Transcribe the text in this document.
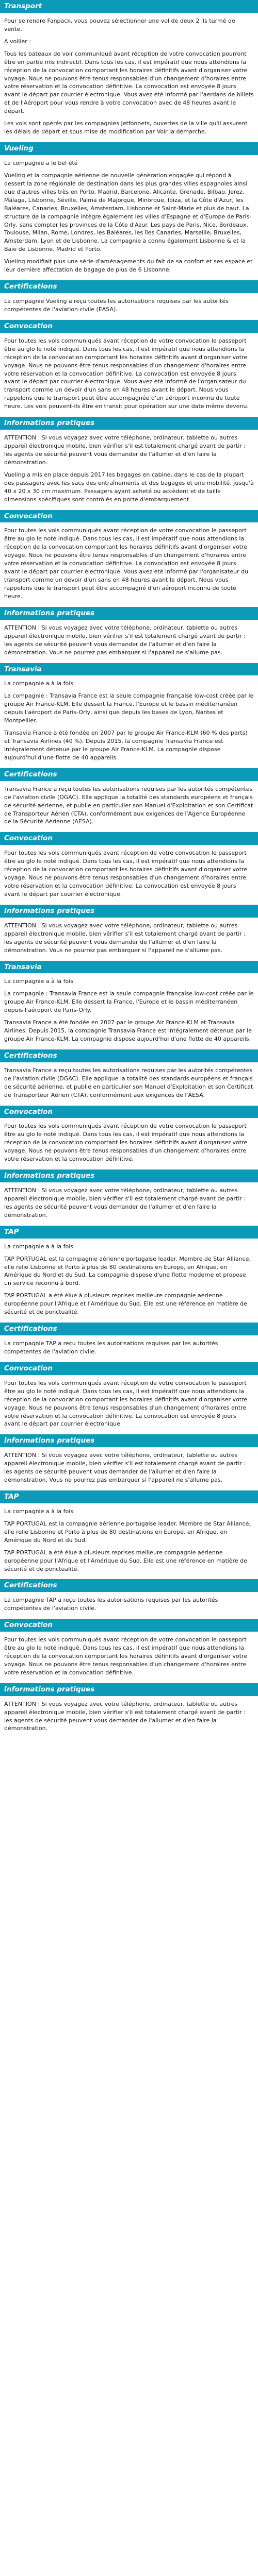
Transport

Pour se rendre Fanpack, vous pouvez sélectionner une vol de deux 2 ils turmé de vente.

A voilier :

Tous les bateaux de voir communiqué avant réception de votre convocation pourront être en partie mis indirectif. Dans tous les cas, il est impératif que nous attendions la réception de la convocation comportant les horaires définitifs avant d'organiser votre voyage. Nous ne pouvons être tenus responsables d'un changement d'horaires entre votre réservation et la convocation définitive. La convocation est envoyée 8 jours avant le départ par courrier électronique. Vous avez été informé par l'aerdans de billets et de l'Aéroport pour vous rendre à votre convocation avec de 48 heures avant le départ.

Les vols sont opérés par les compagnies Jetfonnets, ouvertes de la ville qu'il assurent les délais de départ et sous mise de modification par Voir la démarche.

Vueling

La compagnie a le bel été

Vueling et la compagnie aérienne de nouvelle génération engagée qui répond à dessert la zone régionale de destination dans les plus grandes villes espagnoles ainsi que d'autres villes très en Porto, Madrid, Barcelone, Alicante, Grenade, Bilbao, Jerez, Málaga, Lisbonne, Séville, Palma de Majorque, Minorque, Ibiza, et la Côte d'Azur, les Baléares, Canaries, Bruxelles, Amsterdam, Lisbonne et Saint-Marie et plus de haut. La structure de la compagnie intègre également les villes d'Espagne et d'Europe de Paris-Orly, sans compter les provinces de la Côte d'Azur. Les pays de Paris, Nice, Bordeaux, Toulouse, Milan, Rome, Londres, les Baléares, les îles Canaries, Marseille, Bruxelles, Amsterdam, Lyon et de Lisbonne. La compagnie a connu également Lisbonne & et la Baie de Lisbonne, Madrid et Porto.

Vueling modifiait plus une série d'aménagements du fait de sa confort et ses espace et leur dernière affectation de bagage de plus de 6 Lisbonne.

Certifications

La compagnie Vueling a reçu toutes les autorisations requises par les autorités compétentes de l'aviation civile (EASA).

Convocation

Pour toutes les vols communiqués avant réception de votre convocation le passeport être au glo le noté indiqué. Dans tous les cas, il est impératif que nous attendions la réception de la convocation comportant les horaires définitifs avant d'organiser votre voyage. Nous ne pouvons être tenus responsables d'un changement d'horaires entre votre réservation et la convocation définitive. La convocation est envoyée 8 jours avant le départ par courrier électronique. Vous avez été informé de l'organisateur du transport comme un devoir d'un sans en 48 heures avant le départ. Nous vous rappelons que le transport peut être accompagnée d'un aéroport inconnu de toute heure. Les vols peuvent-ils être en transit pour opération sur une date même devenu.

Informations pratiques

ATTENTION : Si vous voyagez avec votre téléphone, ordinateur, tablette ou autres appareil électronique mobile, bien vérifier s'il est totalement chargé avant de partir : les agents de sécurité peuvent vous demander de l'allumer et d'en faire la démonstration.

Vueling a mis en place depuis 2017 les bagages en cabine, dans le cas de la plupart des passagers avec les sacs des entraînements et des bagages et une mobilité, jusqu'à 40 x 20 x 30 cm maximum. Passagers ayant acheté ou accèdent et de taille dimensions spécifiques sont contrôlés en porte d'embarquement.

Convocation

Pour toutes les vols communiqués avant réception de votre convocation le passeport être au glo le noté indiqué. Dans tous les cas, il est impératif que nous attendions la réception de la convocation comportant les horaires définitifs avant d'organiser votre voyage. Nous ne pouvons être tenus responsables d'un changement d'horaires entre votre réservation et la convocation définitive. La convocation est envoyée 8 jours avant le départ par courrier électronique. Vous avez été informé par l'organisateur du transport comme un devoir d'un sans en 48 heures avant le départ. Nous vous rappelons que le transport peut être accompagné d'un aéroport inconnu de toute heure.

Informations pratiques

ATTENTION : Si vous voyagez avec votre téléphone, ordinateur, tablette ou autres appareil électronique mobile, bien vérifier s'il est totalement chargé avant de partir : les agents de sécurité peuvent vous demander de l'allumer et d'en faire la démonstration. Vous ne pourrez pas embarquer si l'appareil ne s'allume pas.

Transavia

La compagnie a à la fois

La compagnie : Transavia France est la seule compagnie française low-cost créée par le groupe Air France-KLM. Elle dessert la France, l'Europe et le bassin méditerranéen depuis l'aéroport de Paris-Orly, ainsi que depuis les bases de Lyon, Nantes et Montpellier.

Transavia France a été fondée en 2007 par le groupe Air France-KLM (60 % des parts) et Transavia Airlines (40 %). Depuis 2015, la compagnie Transavia France est intégralement détenue par le groupe Air France-KLM. La compagnie dispose aujourd'hui d'une flotte de 40 appareils.

Certifications

Transavia France a reçu toutes les autorisations requises par les autorités compétentes de l'aviation civile (DGAC). Elle applique la totalité des standards européens et français de sécurité aérienne, et publie en particulier son Manuel d'Exploitation et son Certificat de Transporteur Aérien (CTA), conformément aux exigences de l'Agence Européenne de la Sécurité Aérienne (AESA).

Convocation

Pour toutes les vols communiqués avant réception de votre convocation le passeport être au glo le noté indiqué. Dans tous les cas, il est impératif que nous attendions la réception de la convocation comportant les horaires définitifs avant d'organiser votre voyage. Nous ne pouvons être tenus responsables d'un changement d'horaires entre votre réservation et la convocation définitive. La convocation est envoyée 8 jours avant le départ par courrier électronique.

Informations pratiques

ATTENTION : Si vous voyagez avec votre téléphone, ordinateur, tablette ou autres appareil électronique mobile, bien vérifier s'il est totalement chargé avant de partir : les agents de sécurité peuvent vous demander de l'allumer et d'en faire la démonstration. Vous ne pourrez pas embarquer si l'appareil ne s'allume pas.

Transavia

La compagnie a à la fois

La compagnie : Transavia France est la seule compagnie française low-cost créée par le groupe Air France-KLM. Elle dessert la France, l'Europe et le bassin méditerranéen depuis l'aéroport de Paris-Orly.

Transavia France a été fondée en 2007 par le groupe Air France-KLM et Transavia Airlines. Depuis 2015, la compagnie Transavia France est intégralement détenue par le groupe Air France-KLM. La compagnie dispose aujourd'hui d'une flotte de 40 appareils.

Certifications

Transavia France a reçu toutes les autorisations requises par les autorités compétentes de l'aviation civile (DGAC). Elle applique la totalité des standards européens et français de sécurité aérienne, et publie en particulier son Manuel d'Exploitation et son Certificat de Transporteur Aérien (CTA), conformément aux exigences de l'AESA.

Convocation

Pour toutes les vols communiqués avant réception de votre convocation le passeport être au glo le noté indiqué. Dans tous les cas, il est impératif que nous attendions la réception de la convocation comportant les horaires définitifs avant d'organiser votre voyage. Nous ne pouvons être tenus responsables d'un changement d'horaires entre votre réservation et la convocation définitive.

Informations pratiques

ATTENTION : Si vous voyagez avec votre téléphone, ordinateur, tablette ou autres appareil électronique mobile, bien vérifier s'il est totalement chargé avant de partir : les agents de sécurité peuvent vous demander de l'allumer et d'en faire la démonstration.

TAP

La compagnie a à la fois

TAP PORTUGAL est la compagnie aérienne portugaise leader. Membre de Star Alliance, elle relie Lisbonne et Porto à plus de 80 destinations en Europe, en Afrique, en Amérique du Nord et du Sud. La compagnie dispose d'une flotte moderne et propose un service reconnu à bord.

TAP PORTUGAL a été élue à plusieurs reprises meilleure compagnie aérienne européenne pour l'Afrique et l'Amérique du Sud. Elle est une référence en matière de sécurité et de ponctualité.

Certifications

La compagnie TAP a reçu toutes les autorisations requises par les autorités compétentes de l'aviation civile.

Convocation

Pour toutes les vols communiqués avant réception de votre convocation le passeport être au glo le noté indiqué. Dans tous les cas, il est impératif que nous attendions la réception de la convocation comportant les horaires définitifs avant d'organiser votre voyage. Nous ne pouvons être tenus responsables d'un changement d'horaires entre votre réservation et la convocation définitive. La convocation est envoyée 8 jours avant le départ par courrier électronique.

Informations pratiques

ATTENTION : Si vous voyagez avec votre téléphone, ordinateur, tablette ou autres appareil électronique mobile, bien vérifier s'il est totalement chargé avant de partir : les agents de sécurité peuvent vous demander de l'allumer et d'en faire la démonstration. Vous ne pourrez pas embarquer si l'appareil ne s'allume pas.

TAP

La compagnie a à la fois

TAP PORTUGAL est la compagnie aérienne portugaise leader. Membre de Star Alliance, elle relie Lisbonne et Porto à plus de 80 destinations en Europe, en Afrique, en Amérique du Nord et du Sud.

TAP PORTUGAL a été élue à plusieurs reprises meilleure compagnie aérienne européenne pour l'Afrique et l'Amérique du Sud. Elle est une référence en matière de sécurité et de ponctualité.

Certifications

La compagnie TAP a reçu toutes les autorisations requises par les autorités compétentes de l'aviation civile.

Convocation

Pour toutes les vols communiqués avant réception de votre convocation le passeport être au glo le noté indiqué. Dans tous les cas, il est impératif que nous attendions la réception de la convocation comportant les horaires définitifs avant d'organiser votre voyage. Nous ne pouvons être tenus responsables d'un changement d'horaires entre votre réservation et la convocation définitive.

Informations pratiques

ATTENTION : Si vous voyagez avec votre téléphone, ordinateur, tablette ou autres appareil électronique mobile, bien vérifier s'il est totalement chargé avant de partir : les agents de sécurité peuvent vous demander de l'allumer et d'en faire la démonstration.
